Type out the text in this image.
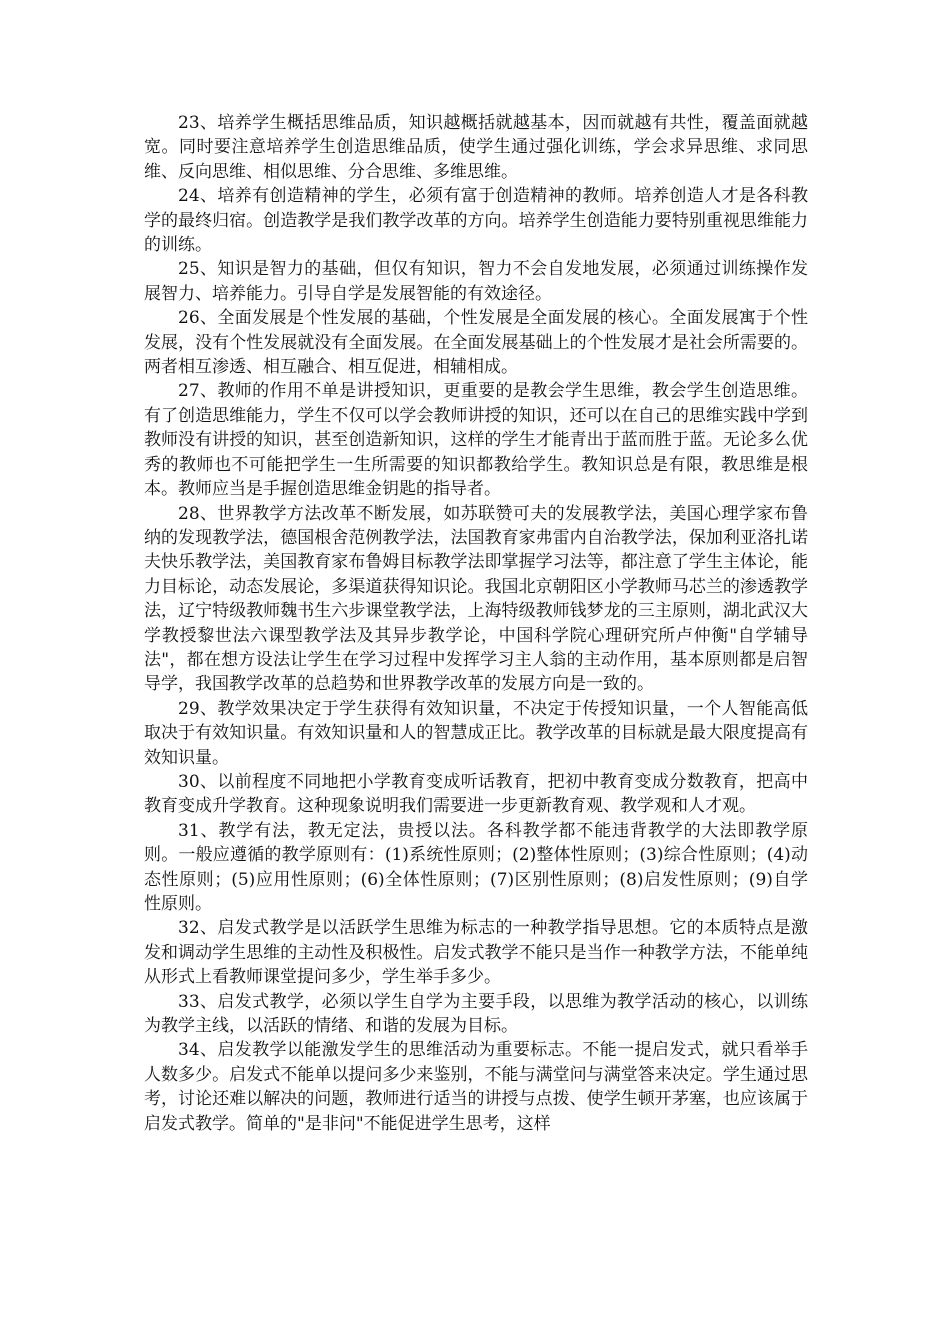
23、培养学生概括思维品质，知识越概括就越基本，因而就越有共性，覆盖面就越宽。同时要注意培养学生创造思维品质，使学生通过强化训练，学会求异思维、求同思维、反向思维、相似思维、分合思维、多维思维。

24、培养有创造精神的学生，必须有富于创造精神的教师。培养创造人才是各科教学的最终归宿。创造教学是我们教学改革的方向。培养学生创造能力要特别重视思维能力的训练。

25、知识是智力的基础，但仅有知识，智力不会自发地发展，必须通过训练操作发展智力、培养能力。引导自学是发展智能的有效途径。

26、全面发展是个性发展的基础，个性发展是全面发展的核心。全面发展寓于个性发展，没有个性发展就没有全面发展。在全面发展基础上的个性发展才是社会所需要的。两者相互渗透、相互融合、相互促进，相辅相成。

27、教师的作用不单是讲授知识，更重要的是教会学生思维，教会学生创造思维。有了创造思维能力，学生不仅可以学会教师讲授的知识，还可以在自己的思维实践中学到教师没有讲授的知识，甚至创造新知识，这样的学生才能青出于蓝而胜于蓝。无论多么优秀的教师也不可能把学生一生所需要的知识都教给学生。教知识总是有限，教思维是根本。教师应当是手握创造思维金钥匙的指导者。

28、世界教学方法改革不断发展，如苏联赞可夫的发展教学法，美国心理学家布鲁纳的发现教学法，德国根舍范例教学法，法国教育家弗雷内自治教学法，保加利亚洛扎诺夫快乐教学法，美国教育家布鲁姆目标教学法即掌握学习法等，都注意了学生主体论，能力目标论，动态发展论，多渠道获得知识论。我国北京朝阳区小学教师马芯兰的渗透教学法，辽宁特级教师魏书生六步课堂教学法，上海特级教师钱梦龙的三主原则，湖北武汉大学教授黎世法六课型教学法及其异步教学论，中国科学院心理研究所卢仲衡"自学辅导法"，都在想方设法让学生在学习过程中发挥学习主人翁的主动作用，基本原则都是启智导学，我国教学改革的总趋势和世界教学改革的发展方向是一致的。

29、教学效果决定于学生获得有效知识量，不决定于传授知识量，一个人智能高低取决于有效知识量。有效知识量和人的智慧成正比。教学改革的目标就是最大限度提高有效知识量。

30、以前程度不同地把小学教育变成听话教育，把初中教育变成分数教育，把高中教育变成升学教育。这种现象说明我们需要进一步更新教育观、教学观和人才观。

31、教学有法，教无定法，贵授以法。各科教学都不能违背教学的大法即教学原则。一般应遵循的教学原则有：(1)系统性原则；(2)整体性原则；(3)综合性原则；(4)动态性原则；(5)应用性原则；(6)全体性原则；(7)区别性原则；(8)启发性原则；(9)自学性原则。

32、启发式教学是以活跃学生思维为标志的一种教学指导思想。它的本质特点是激发和调动学生思维的主动性及积极性。启发式教学不能只是当作一种教学方法，不能单纯从形式上看教师课堂提问多少，学生举手多少。

33、启发式教学，必须以学生自学为主要手段，以思维为教学活动的核心，以训练为教学主线，以活跃的情绪、和谐的发展为目标。

34、启发教学以能激发学生的思维活动为重要标志。不能一提启发式，就只看举手人数多少。启发式不能单以提问多少来鉴别，不能与满堂问与满堂答来决定。学生通过思考，讨论还难以解决的问题，教师进行适当的讲授与点拨、使学生顿开茅塞，也应该属于启发式教学。简单的"是非问"不能促进学生思考，这样
